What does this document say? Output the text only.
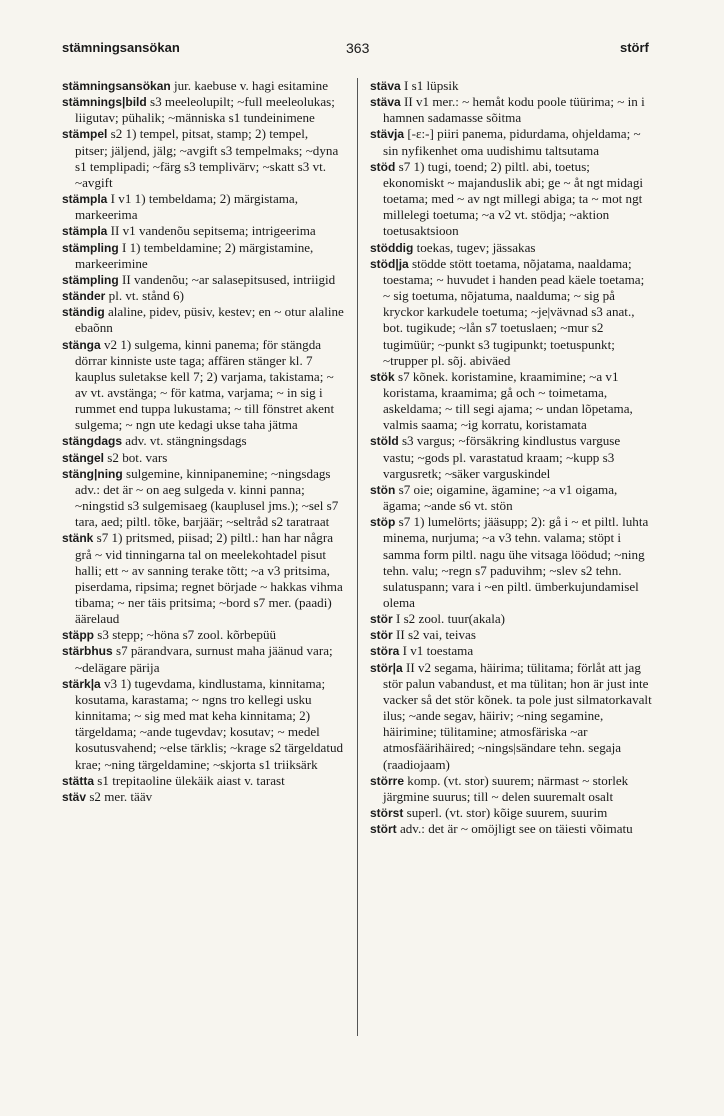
stämningsansökan	363	störf

stämningsansökan jur. kaebuse v. hagi esitamine

stämnings|bild s3 meeleolupilt; ~full meeleolukas; liigutav; pühalik; ~människa s1 tundeinimene

stämpel s2 1) tempel, pitsat, stamp; 2) tempel, pitser; jäljend, jälg; ~avgift s3 tempelmaks; ~dyna s1 templipadi; ~färg s3 templivärv; ~skatt s3 vt. ~avgift

stämpla I v1 1) tembeldama; 2) märgistama, markeerima

stämpla II v1 vandenõu sepitsema; intrigeerima

stämpling I 1) tembeldamine; 2) märgistamine, markeerimine

stämpling II vandenõu; ~ar salasepitsused, intriigid

ständer pl. vt. stånd 6)

ständig alaline, pidev, püsiv, kestev; en ~ otur alaline ebaõnn

stänga v2 1) sulgema, kinni panema; för stängda dörrar kinniste uste taga; affären stänger kl. 7 kauplus suletakse kell 7; 2) varjama, takistama; ~ av vt. avstänga; ~ för katma, varjama; ~ in sig i rummet end tuppa lukustama; ~ till fönstret akent sulgema; ~ ngn ute kedagi ukse taha jätma

stängdags adv. vt. stängningsdags

stängel s2 bot. vars

stäng|ning sulgemine, kinnipanemine; ~ningsdags adv.: det är ~ on aeg sulgeda v. kinni panna; ~ningstid s3 sulgemisaeg (kauplusel jms.); ~sel s7 tara, aed; piltl. tõke, barjäär; ~seltråd s2 taratraat

stänk s7 1) pritsmed, piisad; 2) piltl.: han har några grå ~ vid tinningarna tal on meelekohtadel pisut halli; ett ~ av sanning terake tõtt; ~a v3 pritsima, piserdama, ripsima; regnet började ~ hakkas vihma tibama; ~ ner täis pritsima; ~bord s7 mer. (paadi) äärelaud

stäpp s3 stepp; ~höna s7 zool. kõrbepüü

stärbhus s7 pärandvara, surnust maha jäänud vara; ~delägare pärija

stärk|a v3 1) tugevdama, kindlustama, kinnitama; kosutama, karastama; ~ ngns tro kellegi usku kinnitama; ~ sig med mat keha kinnitama; 2) tärgeldama; ~ande tugevdav; kosutav; ~ medel kosutusvahend; ~else tärklis; ~krage s2 tärgeldatud krae; ~ning tärgeldamine; ~skjorta s1 triiksärk

stätta s1 trepitaoline ülekäik aiast v. tarast

stäv s2 mer. tääv

stäva I s1 lüpsik

stäva II v1 mer.: ~ hemåt kodu poole tüürima; ~ in i hamnen sadamasse sõitma

stävja [-ɛ:-] piiri panema, pidurdama, ohjeldama; ~ sin nyfikenhet oma uudishimu taltsutama

stöd s7 1) tugi, toend; 2) piltl. abi, toetus; ekonomiskt ~ majanduslik abi; ge ~ åt ngt midagi toetama; med ~ av ngt millegi abiga; ta ~ mot ngt millelegi toetuma; ~a v2 vt. stödja; ~aktion toetusaktsioon

stöddig toekas, tugev; jässakas

stöd|ja stödde stött toetama, nõjatama, naaldama; toestama; ~ huvudet i handen pead käele toetama; ~ sig toetuma, nõjatuma, naalduma; ~ sig på kryckor karkudele toetuma; ~je|vävnad s3 anat., bot. tugikude; ~lån s7 toetuslaen; ~mur s2 tugimüür; ~punkt s3 tugipunkt; toetuspunkt; ~trupper pl. sõj. abiväed

stök s7 kõnek. koristamine, kraamimine; ~a v1 koristama, kraamima; gå och ~ toimetama, askeldama; ~ till segi ajama; ~ undan lõpetama, valmis saama; ~ig korratu, koristamata

stöld s3 vargus; ~försäkring kindlustus varguse vastu; ~gods pl. varastatud kraam; ~kupp s3 vargusretk; ~säker varguskindel

stön s7 oie; oigamine, ägamine; ~a v1 oigama, ägama; ~ande s6 vt. stön

stöp s7 1) lumelörts; jääsupp; 2): gå i ~ et piltl. luhta minema, nurjuma; ~a v3 tehn. valama; stöpt i samma form piltl. nagu ühe vitsaga löödud; ~ning tehn. valu; ~regn s7 paduvihm; ~slev s2 tehn. sulatuspann; vara i ~en piltl. ümberkujundamisel olema

stör I s2 zool. tuur(akala)

stör II s2 vai, teivas

störa I v1 toestama

stör|a II v2 segama, häirima; tülitama; förlåt att jag stör palun vabandust, et ma tülitan; hon är just inte vacker så det stör kõnek. ta pole just silmatorkavalt ilus; ~ande segav, häiriv; ~ning segamine, häirimine; tülitamine; atmosfäriska ~ar atmosfäärihäired; ~nings|sändare tehn. segaja (raadiojaam)

större komp. (vt. stor) suurem; närmast ~ storlek järgmine suurus; till ~ delen suuremalt osalt

störst superl. (vt. stor) kõige suurem, suurim

stört adv.: det är ~ omöjligt see on täiesti võimatu
